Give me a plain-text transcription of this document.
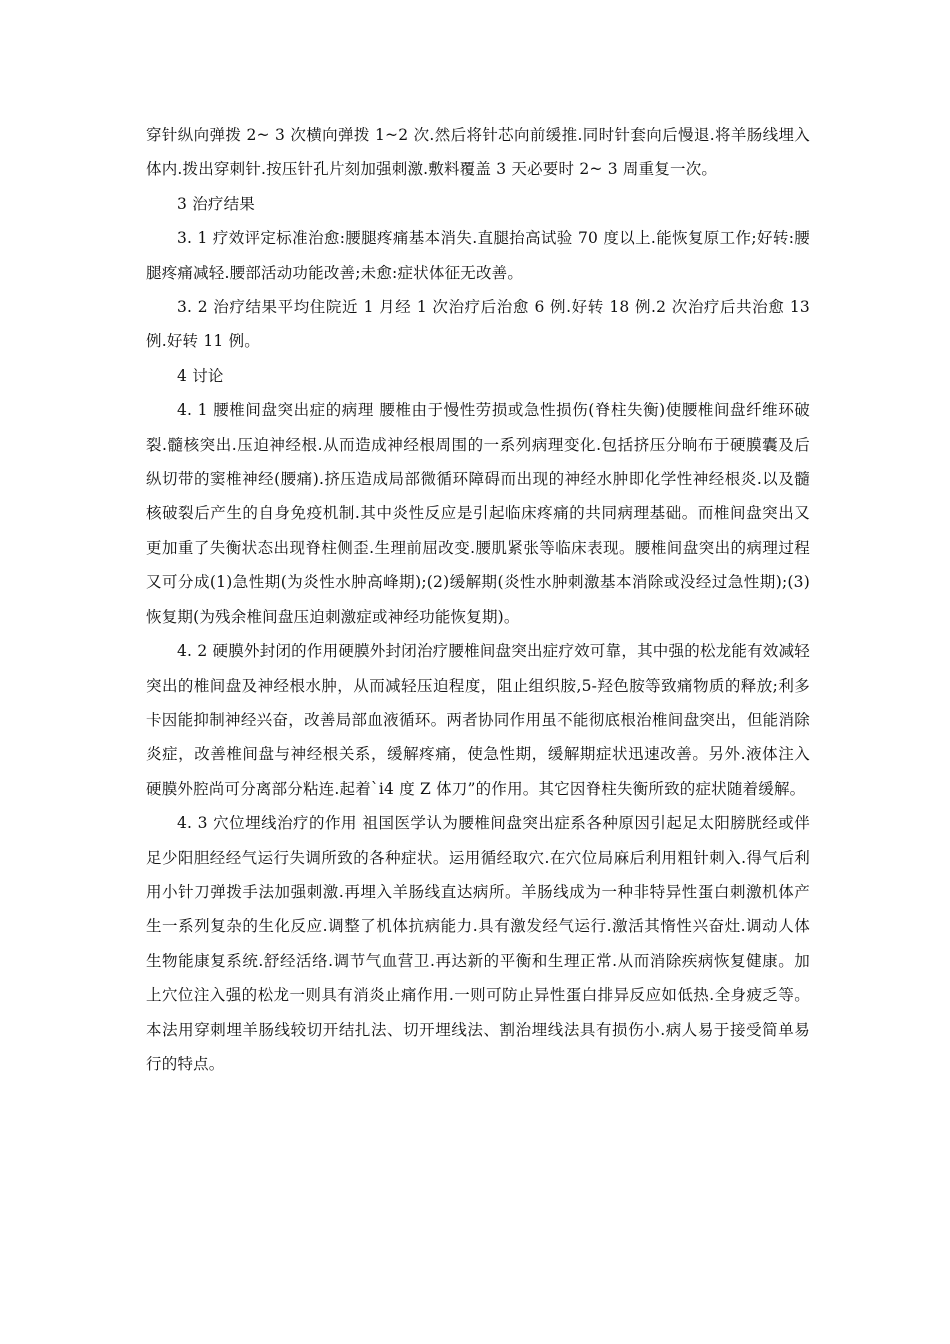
穿针纵向弹拨 2~ 3 次横向弹拨 1~2 次.然后将针芯向前缓推.同时针套向后慢退.将羊肠线埋入体内.拨出穿刺针.按压针孔片刻加强刺激.敷料覆盖 3 天必要时 2~ 3 周重复一次。

3 治疗结果

3. 1 疗效评定标准治愈:腰腿疼痛基本消失.直腿抬高试验 70 度以上.能恢复原工作;好转:腰腿疼痛减轻.腰部活动功能改善;未愈:症状体征无改善。

3. 2 治疗结果平均住院近 1 月经 1 次治疗后治愈 6 例.好转 18 例.2 次治疗后共治愈 13 例.好转 11 例。

4 讨论

4. 1 腰椎间盘突出症的病理 腰椎由于慢性劳损或急性损伤(脊柱失衡)使腰椎间盘纤维环破裂.髓核突出.压迫神经根.从而造成神经根周围的一系列病理变化.包括挤压分晌布于硬膜囊及后纵切带的窦椎神经(腰痛).挤压造成局部微循环障碍而出现的神经水肿即化学性神经根炎.以及髓核破裂后产生的自身免疫机制.其中炎性反应是引起临床疼痛的共同病理基础。而椎间盘突出又更加重了失衡状态出现脊柱侧歪.生理前屈改变.腰肌紧张等临床表现。腰椎间盘突出的病理过程又可分成(1)急性期(为炎性水肿高峰期);(2)缓解期(炎性水肿刺激基本消除或没经过急性期);(3)恢复期(为残余椎间盘压迫刺激症或神经功能恢复期)。

4. 2 硬膜外封闭的作用硬膜外封闭治疗腰椎间盘突出症疗效可靠，其中强的松龙能有效减轻突出的椎间盘及神经根水肿，从而减轻压迫程度，阻止组织胺,5-羟色胺等致痛物质的释放;利多卡因能抑制神经兴奋，改善局部血液循环。两者协同作用虽不能彻底根治椎间盘突出，但能消除炎症，改善椎间盘与神经根关系，缓解疼痛，使急性期，缓解期症状迅速改善。另外.液体注入硬膜外腔尚可分离部分粘连.起着`i4 度 Z 体刀”的作用。其它因脊柱失衡所致的症状随着缓解。

4. 3 穴位埋线治疗的作用 祖国医学认为腰椎间盘突出症系各种原因引起足太阳膀胱经或伴足少阳胆经经气运行失调所致的各种症状。运用循经取穴.在穴位局麻后利用粗针刺入.得气后利用小针刀弹拨手法加强刺激.再埋入羊肠线直达病所。羊肠线成为一种非特异性蛋白刺激机体产生一系列复杂的生化反应.调整了机体抗病能力.具有激发经气运行.激活其惰性兴奋灶.调动人体生物能康复系统.舒经活络.调节气血营卫.再达新的平衡和生理正常.从而消除疾病恢复健康。加上穴位注入强的松龙一则具有消炎止痛作用.一则可防止异性蛋白排异反应如低热.全身疲乏等。本法用穿刺埋羊肠线较切开结扎法、切开埋线法、割治埋线法具有损伤小.病人易于接受简单易行的特点。
